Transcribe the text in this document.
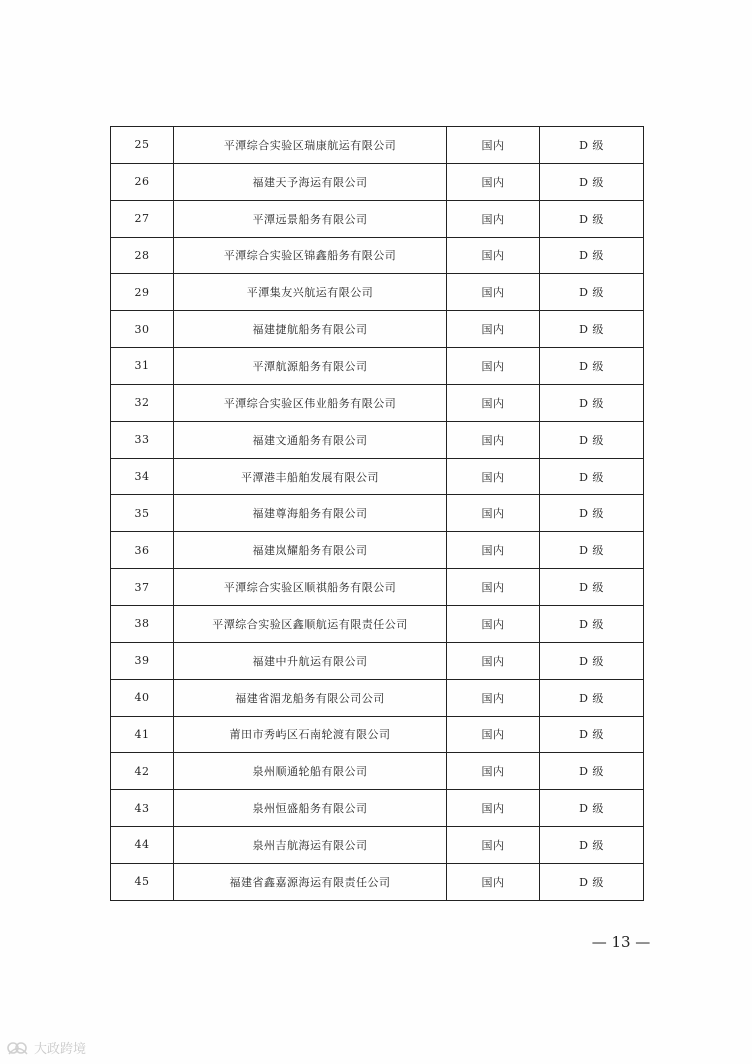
25	平潭综合实验区瑞康航运有限公司	国内	D 级
26	福建天予海运有限公司	国内	D 级
27	平潭远景船务有限公司	国内	D 级
28	平潭综合实验区锦鑫船务有限公司	国内	D 级
29	平潭集友兴航运有限公司	国内	D 级
30	福建捷航船务有限公司	国内	D 级
31	平潭航源船务有限公司	国内	D 级
32	平潭综合实验区伟业船务有限公司	国内	D 级
33	福建文通船务有限公司	国内	D 级
34	平潭港丰船舶发展有限公司	国内	D 级
35	福建尊海船务有限公司	国内	D 级
36	福建岚耀船务有限公司	国内	D 级
37	平潭综合实验区顺祺船务有限公司	国内	D 级
38	平潭综合实验区鑫顺航运有限责任公司	国内	D 级
39	福建中升航运有限公司	国内	D 级
40	福建省湄龙船务有限公司公司	国内	D 级
41	莆田市秀屿区石南轮渡有限公司	国内	D 级
42	泉州顺通轮船有限公司	国内	D 级
43	泉州恒盛船务有限公司	国内	D 级
44	泉州吉航海运有限公司	国内	D 级
45	福建省鑫嘉源海运有限责任公司	国内	D 级
— 13 —
大政跨境
